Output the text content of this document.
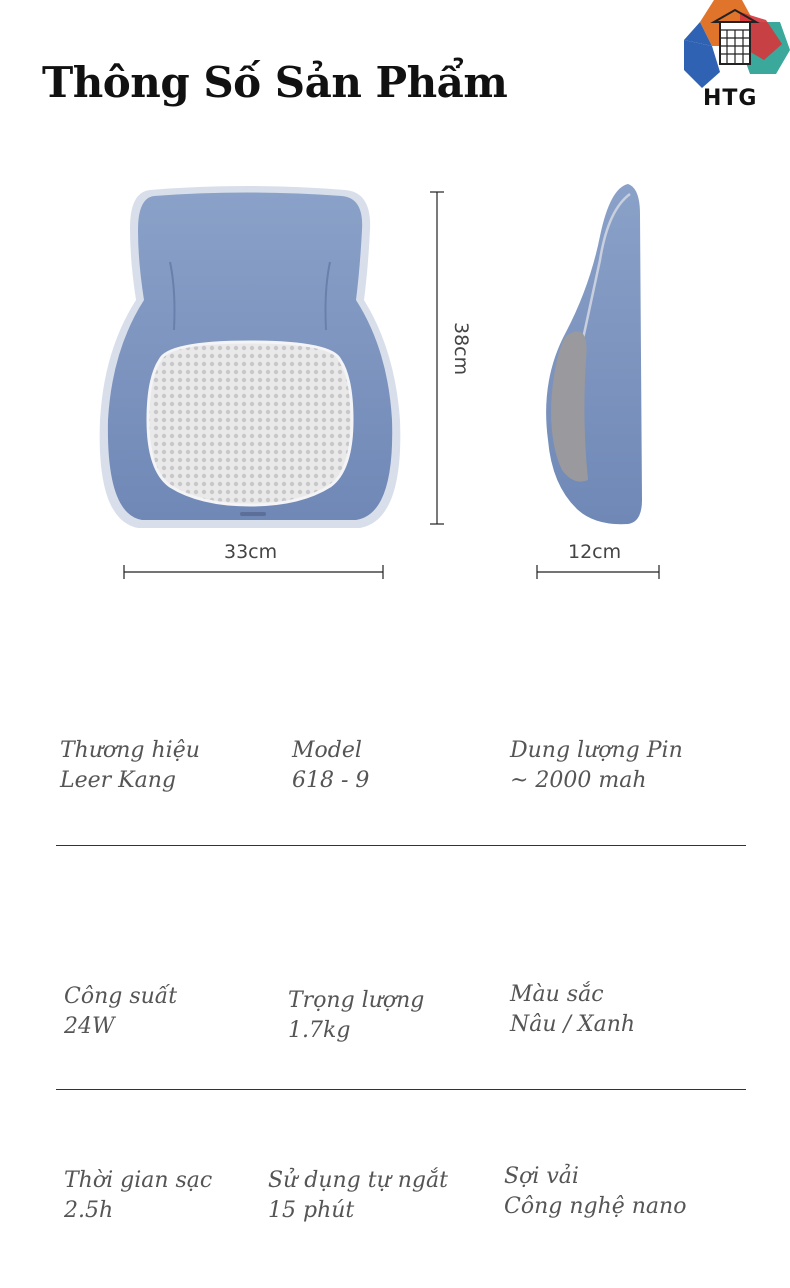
Thông Số Sản Phẩm	HTG
38cm
33cm	12cm
Thương hiệu
Leer Kang
Model
618 - 9
Dung lượng Pin
~ 2000 mah
Công suất
24W
Trọng lượng
1.7kg
Màu sắc
Nâu / Xanh
Thời gian sạc
2.5h
Sử dụng tự ngắt
15 phút
Sợi vải
Công nghệ nano
